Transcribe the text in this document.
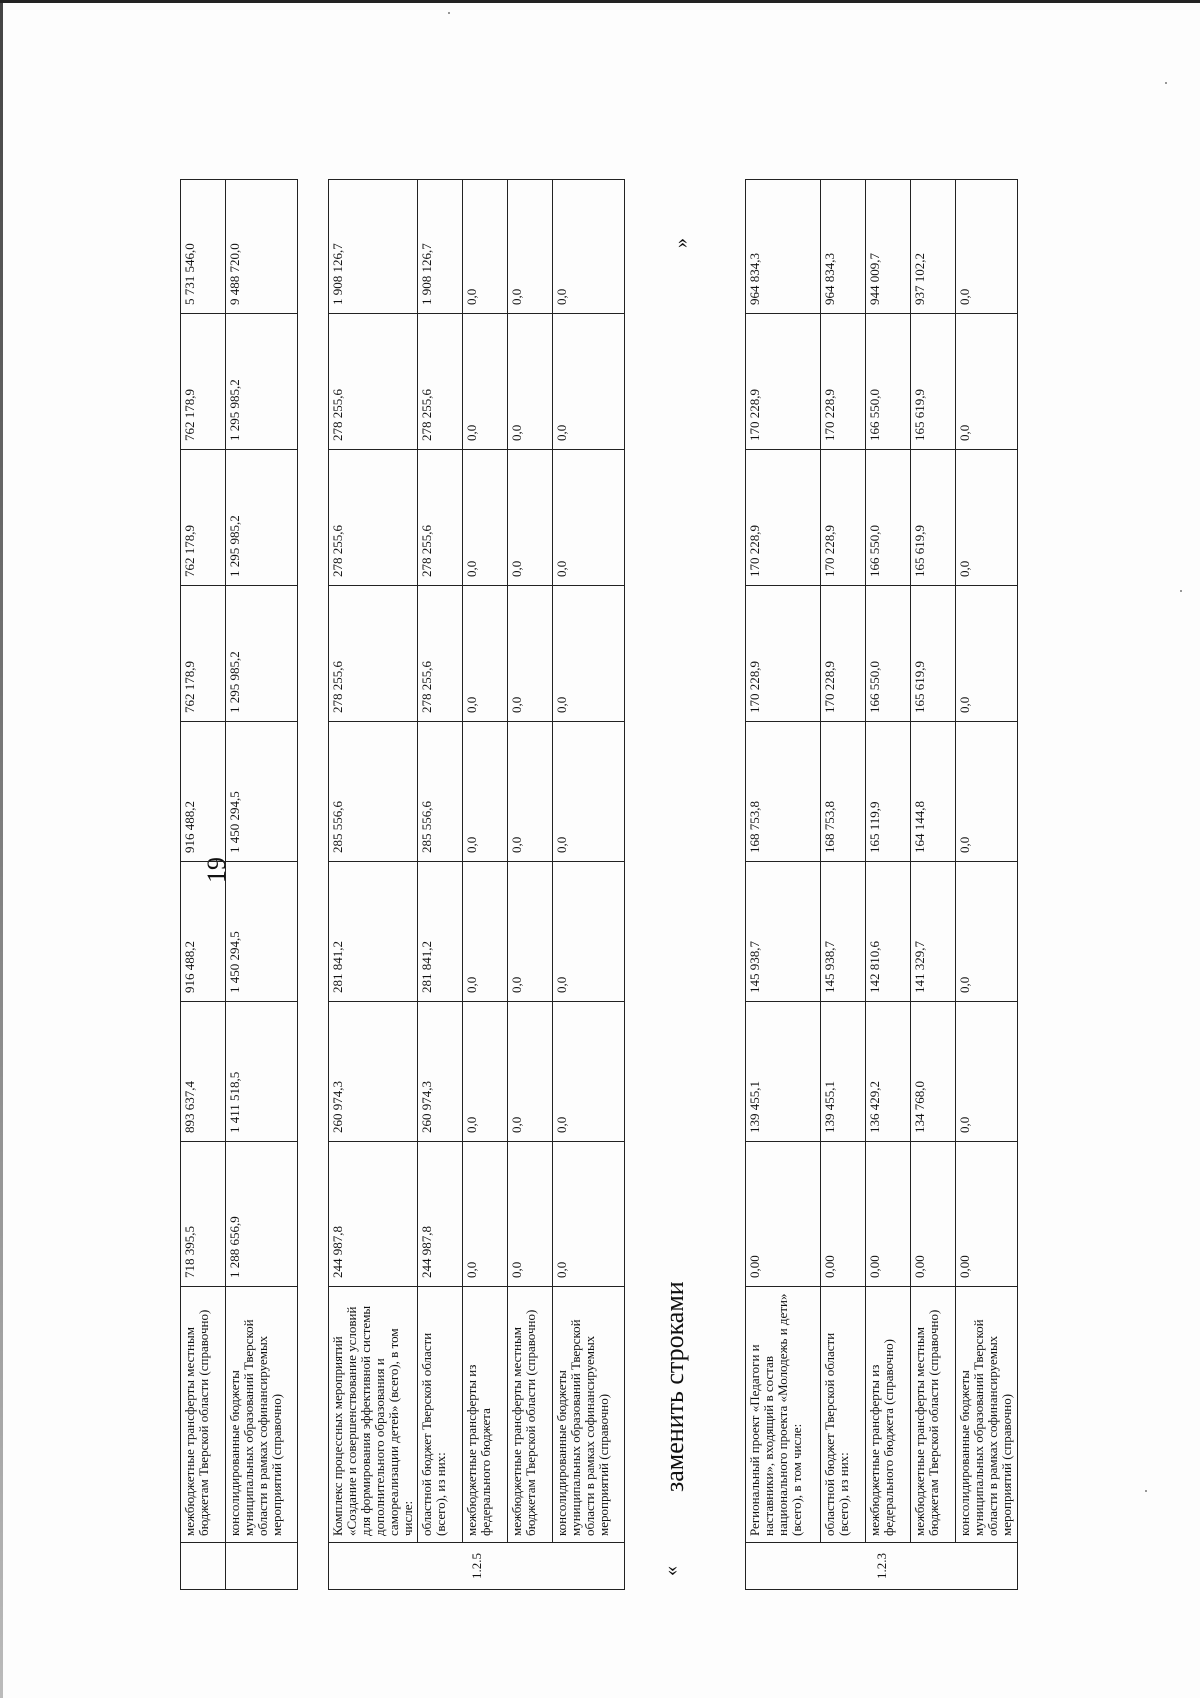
19
	межбюджетные трансферты местным бюджетам Тверской области (справочно)	718 395,5	893 637,4	916 488,2	916 488,2	762 178,9	762 178,9	762 178,9	5 731 546,0
	консолидированные бюджеты муниципальных образований Тверской области в рамках софинансируемых мероприятий (справочно)	1 288 656,9	1 411 518,5	1 450 294,5	1 450 294,5	1 295 985,2	1 295 985,2	1 295 985,2	9 488 720,0
1.2.5	Комплекс процессных мероприятий «Создание и совершенствование условий для формирования эффективной системы дополнительного образования и самореализации детей» (всего), в том числе:	244 987,8	260 974,3	281 841,2	285 556,6	278 255,6	278 255,6	278 255,6	1 908 126,7
	областной бюджет Тверской области (всего), из них:	244 987,8	260 974,3	281 841,2	285 556,6	278 255,6	278 255,6	278 255,6	1 908 126,7
	межбюджетные трансферты из федерального бюджета	0,0	0,0	0,0	0,0	0,0	0,0	0,0	0,0
	межбюджетные трансферты местным бюджетам Тверской области (справочно)	0,0	0,0	0,0	0,0	0,0	0,0	0,0	0,0
	консолидированные бюджеты муниципальных образований Тверской области в рамках софинансируемых мероприятий (справочно)	0,0	0,0	0,0	0,0	0,0	0,0	0,0	0,0
« заменить строками
»
1.2.3	Региональный проект «Педагоги и наставники», входящий в состав национального проекта «Молодежь и дети» (всего), в том числе:	0,00	139 455,1	145 938,7	168 753,8	170 228,9	170 228,9	170 228,9	964 834,3
	областной бюджет Тверской области (всего), из них:	0,00	139 455,1	145 938,7	168 753,8	170 228,9	170 228,9	170 228,9	964 834,3
	межбюджетные трансферты из федерального бюджета (справочно)	0,00	136 429,2	142 810,6	165 119,9	166 550,0	166 550,0	166 550,0	944 009,7
	межбюджетные трансферты местным бюджетам Тверской области (справочно)	0,00	134 768,0	141 329,7	164 144,8	165 619,9	165 619,9	165 619,9	937 102,2
	консолидированные бюджеты муниципальных образований Тверской области в рамках софинансируемых мероприятий (справочно)	0,00	0,0	0,0	0,0	0,0	0,0	0,0	0,0
